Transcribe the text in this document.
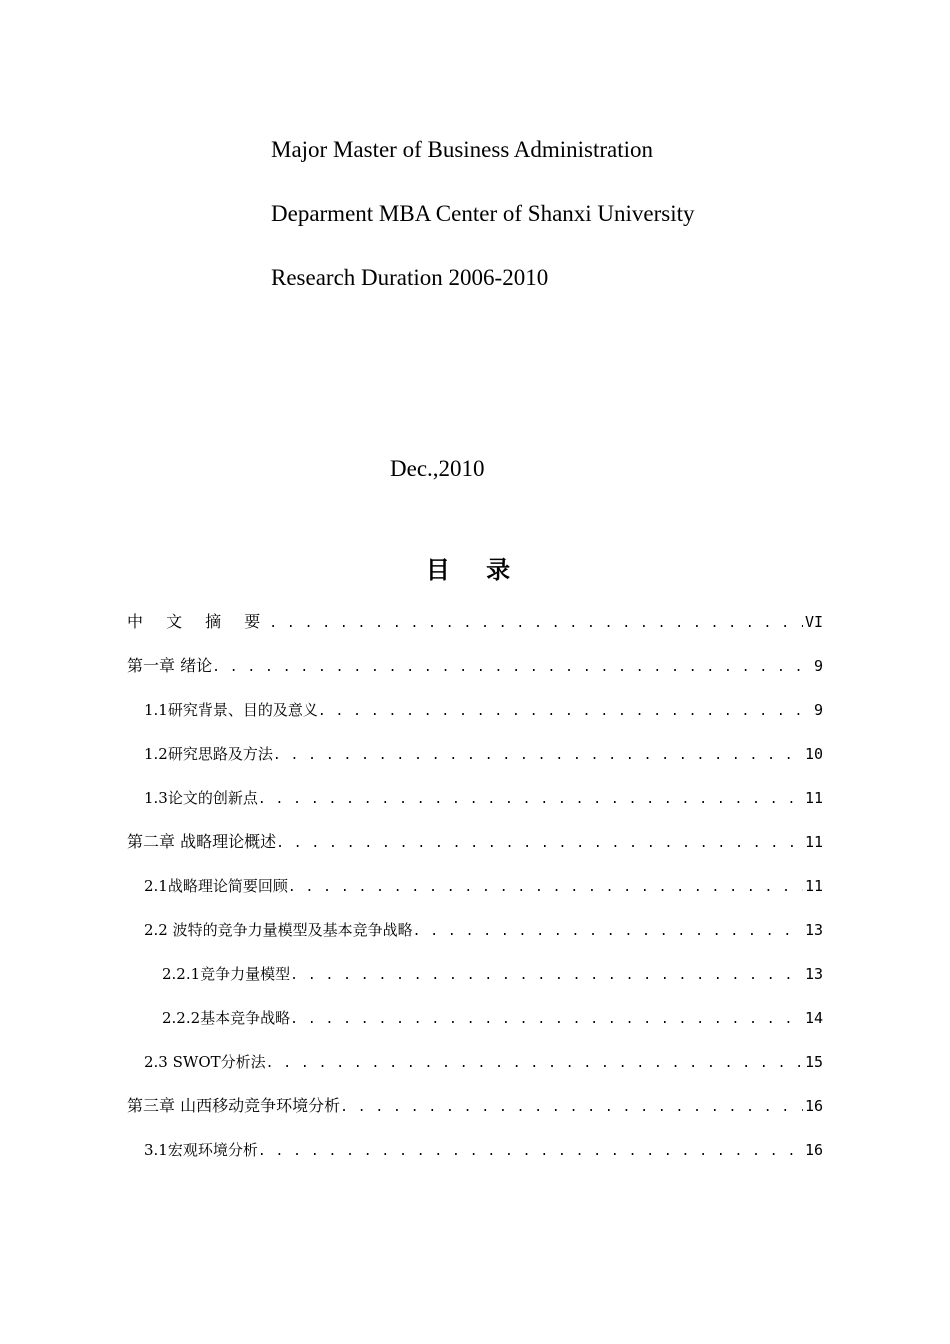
Major Master of Business Administration
Deparment MBA Center of Shanxi University
Research Duration 2006-2010
Dec.,2010
目 录
中 文 摘 要 . . .	VI
第一章 绪论 . . .	9
1.1研究背景、目的及意义 . . .	9
1.2研究思路及方法 . . .	10
1.3论文的创新点 . . .	11
第二章 战略理论概述 . . .	11
2.1战略理论简要回顾 . . .	11
2.2 波特的竞争力量模型及基本竞争战略 . . .	13
2.2.1竞争力量模型 . . .	13
2.2.2基本竞争战略 . . .	14
2.3 SWOT分析法 . . .	15
第三章 山西移动竞争环境分析 . . .	16
3.1宏观环境分析 . . .	16
